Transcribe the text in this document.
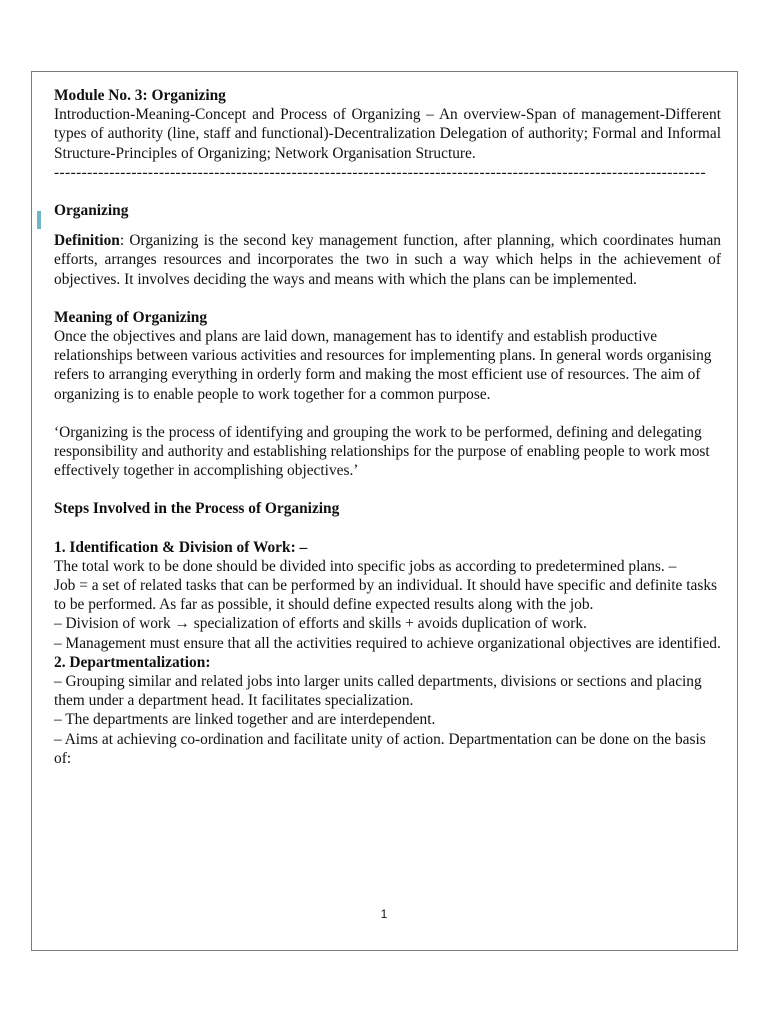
Module No. 3: Organizing

Introduction-Meaning-Concept and Process of Organizing – An overview-Span of management-Different types of authority (line, staff and functional)-Decentralization Delegation of authority; Formal and Informal Structure-Principles of Organizing; Network Organisation Structure.

----------------------------------------------------------------------------------------------------------------------

Organizing

Definition: Organizing is the second key management function, after planning, which coordinates human efforts, arranges resources and incorporates the two in such a way which helps in the achievement of objectives. It involves deciding the ways and means with which the plans can be implemented.

Meaning of Organizing

Once the objectives and plans are laid down, management has to identify and establish productive relationships between various activities and resources for implementing plans. In general words organising refers to arranging everything in orderly form and making the most efficient use of resources. The aim of organizing is to enable people to work together for a common purpose.

‘Organizing is the process of identifying and grouping the work to be performed, defining and delegating responsibility and authority and establishing relationships for the purpose of enabling people to work most effectively together in accomplishing objectives.’

Steps Involved in the Process of Organizing

1. Identification & Division of Work: –

The total work to be done should be divided into specific jobs as according to predetermined plans. –

Job = a set of related tasks that can be performed by an individual. It should have specific and definite tasks to be performed. As far as possible, it should define expected results along with the job.

– Division of work → specialization of efforts and skills + avoids duplication of work.

– Management must ensure that all the activities required to achieve organizational objectives are identified.

2. Departmentalization:

– Grouping similar and related jobs into larger units called departments, divisions or sections and placing them under a department head. It facilitates specialization.

– The departments are linked together and are interdependent.

– Aims at achieving co-ordination and facilitate unity of action. Departmentation can be done on the basis of:

1
